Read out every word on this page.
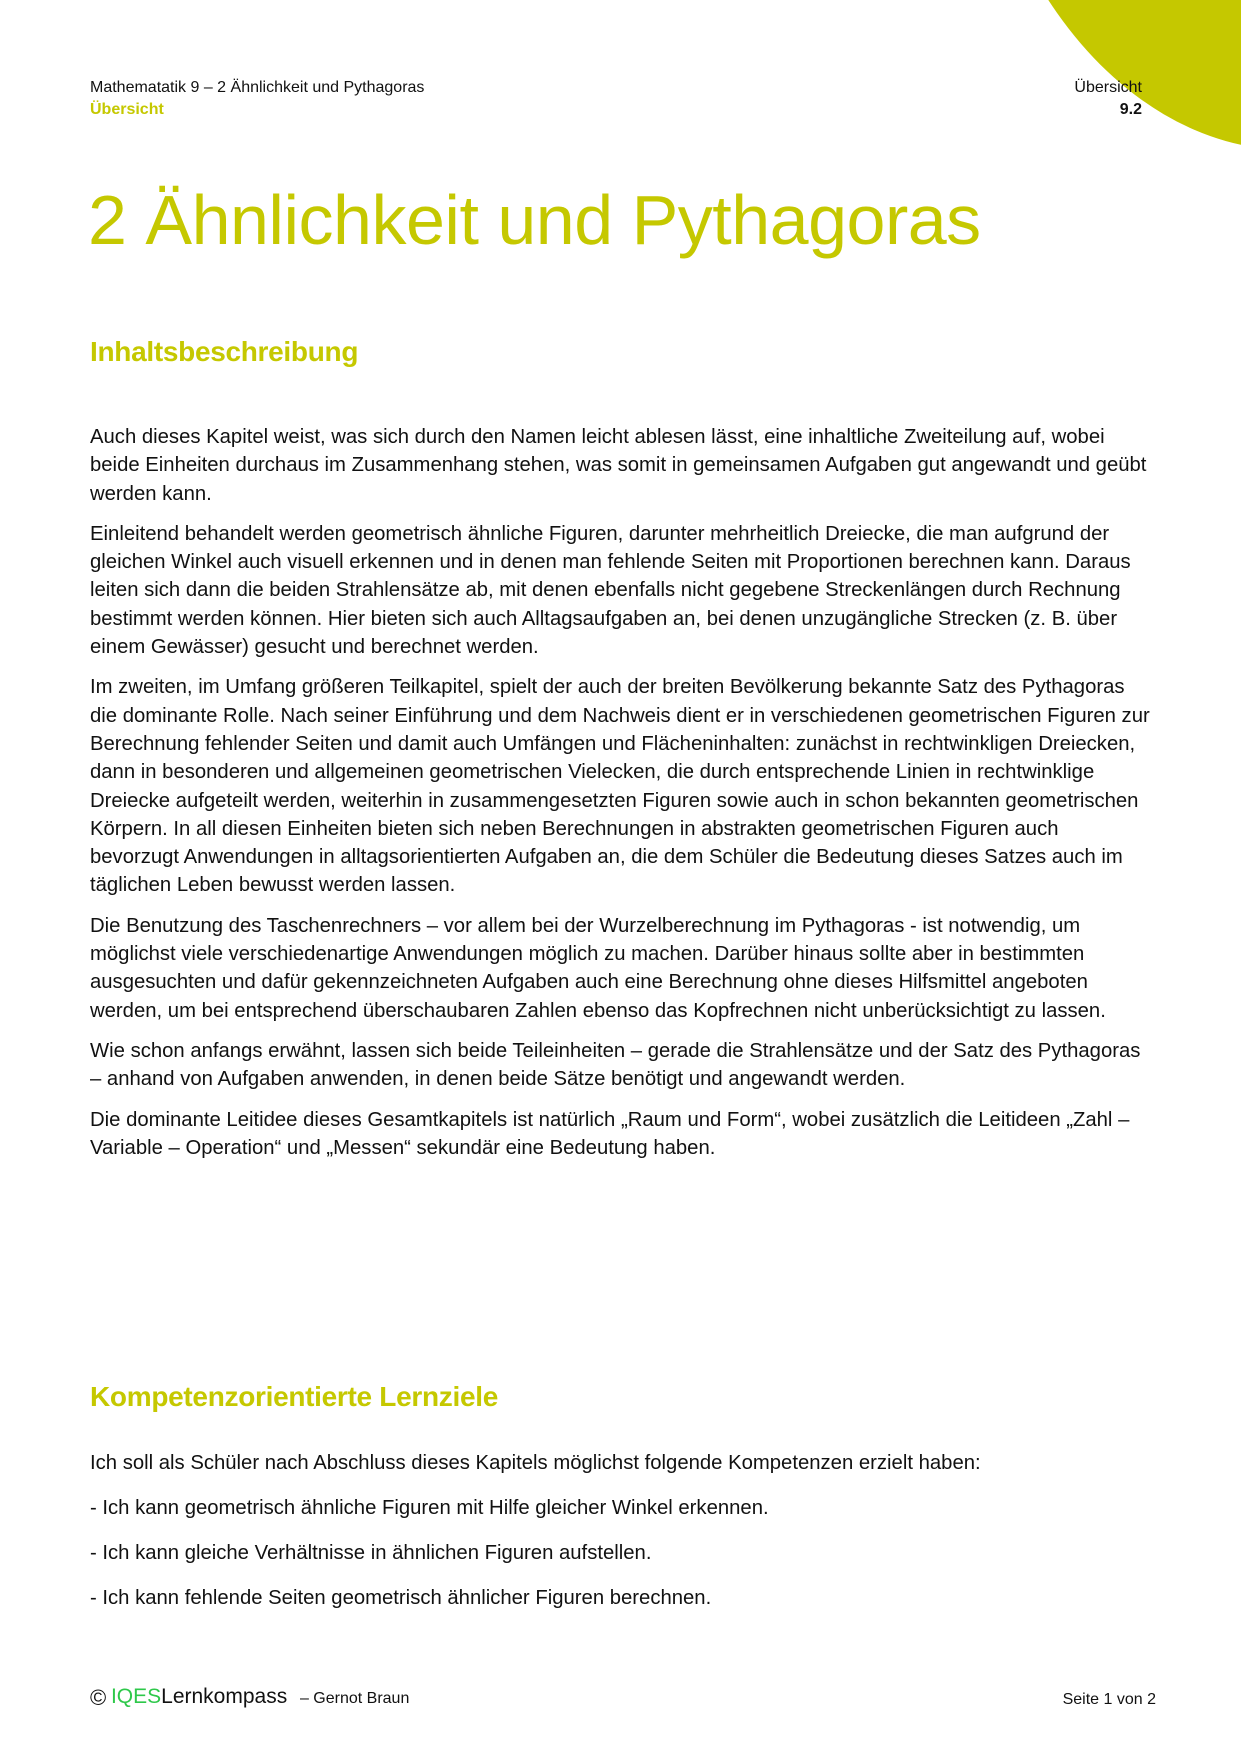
Mathematatik 9 – 2 Ähnlichkeit und Pythagoras
Übersicht
Übersicht
9.2
2 Ähnlichkeit und Pythagoras
Inhaltsbeschreibung

Auch dieses Kapitel weist, was sich durch den Namen leicht ablesen lässt, eine inhaltliche Zweiteilung auf, wobei beide Einheiten durchaus im Zusammenhang stehen, was somit in gemeinsamen Aufgaben gut angewandt und geübt werden kann.

Einleitend behandelt werden geometrisch ähnliche Figuren, darunter mehrheitlich Dreiecke, die man aufgrund der gleichen Winkel auch visuell erkennen und in denen man fehlende Seiten mit Proportionen berechnen kann. Daraus leiten sich dann die beiden Strahlensätze ab, mit denen ebenfalls nicht gegebene Streckenlängen durch Rechnung bestimmt werden können. Hier bieten sich auch Alltagsaufgaben an, bei denen unzugängliche Strecken (z. B. über einem Gewässer) gesucht und berechnet werden.

Im zweiten, im Umfang größeren Teilkapitel, spielt der auch der breiten Bevölkerung bekannte Satz des Pythagoras die dominante Rolle. Nach seiner Einführung und dem Nachweis dient er in verschiedenen geometrischen Figuren zur Berechnung fehlender Seiten und damit auch Umfängen und Flächeninhalten: zunächst in rechtwinkligen Dreiecken, dann in besonderen und allgemeinen geometrischen Vielecken, die durch entsprechende Linien in rechtwinklige Dreiecke aufgeteilt werden, weiterhin in zusammengesetzten Figuren sowie auch in schon bekannten geometrischen Körpern. In all diesen Einheiten bieten sich neben Berechnungen in abstrakten geometrischen Figuren auch bevorzugt Anwendungen in alltagsorientierten Aufgaben an, die dem Schüler die Bedeutung dieses Satzes auch im täglichen Leben bewusst werden lassen.

Die Benutzung des Taschenrechners – vor allem bei der Wurzelberechnung im Pythagoras - ist notwendig, um möglichst viele verschiedenartige Anwendungen möglich zu machen. Darüber hinaus sollte aber in bestimmten ausgesuchten und dafür gekennzeichneten Aufgaben auch eine Berechnung ohne dieses Hilfsmittel angeboten werden, um bei entsprechend überschaubaren Zahlen ebenso das Kopfrechnen nicht unberücksichtigt zu lassen.

Wie schon anfangs erwähnt, lassen sich beide Teileinheiten – gerade die Strahlensätze und der Satz des Pythagoras – anhand von Aufgaben anwenden, in denen beide Sätze benötigt und angewandt werden.

Die dominante Leitidee dieses Gesamtkapitels ist natürlich „Raum und Form“, wobei zusätzlich die Leitideen „Zahl – Variable – Operation“ und „Messen“ sekundär eine Bedeutung haben.

Kompetenzorientierte Lernziele

Ich soll als Schüler nach Abschluss dieses Kapitels möglichst folgende Kompetenzen erzielt haben:

- Ich kann geometrisch ähnliche Figuren mit Hilfe gleicher Winkel erkennen.

- Ich kann gleiche Verhältnisse in ähnlichen Figuren aufstellen.

- Ich kann fehlende Seiten geometrisch ähnlicher Figuren berechnen.

© IQESLernkompass – Gernot Braun	Seite 1 von 2
